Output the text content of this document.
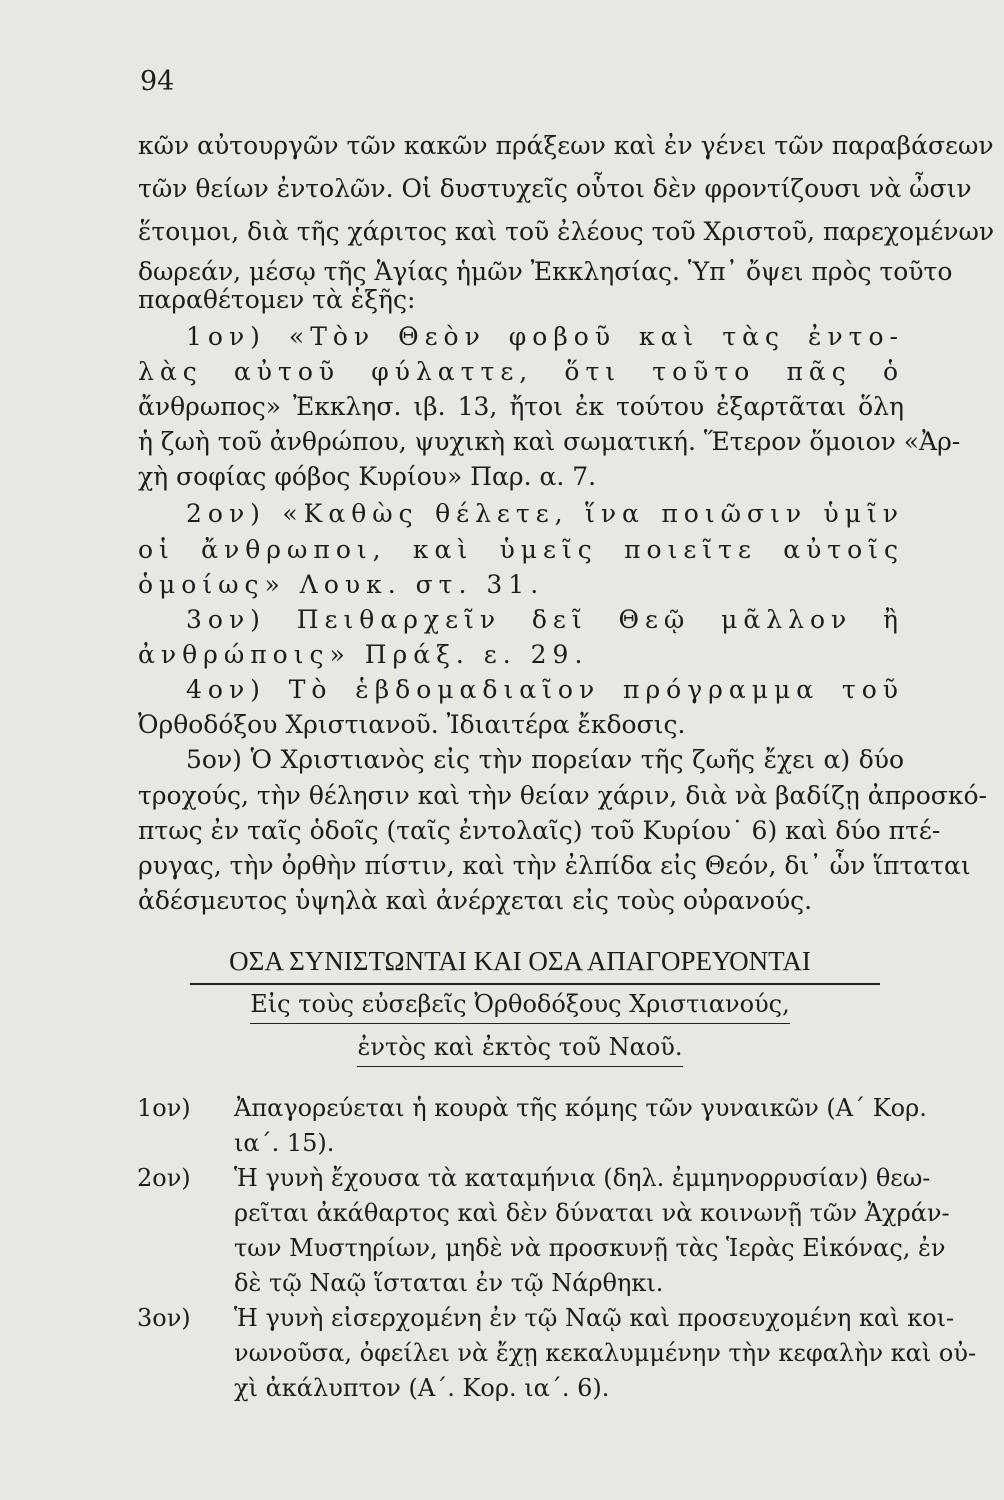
94
κῶν αὐτουργῶν τῶν κακῶν πράξεων καὶ ἐν γένει τῶν παραβάσεων
τῶν θείων ἐντολῶν. Οἱ δυστυχεῖς οὗτοι δὲν φροντίζουσι νὰ ὦσιν
ἕτοιμοι, διὰ τῆς χάριτος καὶ τοῦ ἐλέους τοῦ Χριστοῦ, παρεχομένων
δωρεάν, μέσῳ τῆς Ἁγίας ἡμῶν Ἐκκλησίας. Ὑπ᾽ ὄψει πρὸς τοῦτο
παραθέτομεν τὰ ἑξῆς:
1ον) «Τὸν Θεὸν φοβοῦ καὶ τὰς ἐντο-
λὰς αὐτοῦ φύλαττε, ὅτι τοῦτο πᾶς ὁ
ἄνθρωπος» Ἐκκλησ. ιβ. 13, ἤτοι ἐκ τούτου ἐξαρτᾶται ὅλη
ἡ ζωὴ τοῦ ἀνθρώπου, ψυχικὴ καὶ σωματική. Ἕτερον ὅμοιον «Ἀρ-
χὴ σοφίας φόβος Κυρίου» Παρ. α. 7.
2ον) «Καθὼς θέλετε, ἵνα ποιῶσιν ὑμῖν
οἱ ἄνθρωποι, καὶ ὑμεῖς ποιεῖτε αὐτοῖς
ὁμοίως» Λουκ. στ. 31.
3ον) Πειθαρχεῖν δεῖ Θεῷ μᾶλλον ἢ
ἀνθρώποις» Πράξ. ε. 29.
4ον) Τὸ ἑβδομαδιαῖον πρόγραμμα τοῦ
Ὀρθοδόξου Χριστιανοῦ. Ἰδιαιτέρα ἔκδοσις.
5ον) Ὁ Χριστιανὸς εἰς τὴν πορείαν τῆς ζωῆς ἔχει α) δύο
τροχούς, τὴν θέλησιν καὶ τὴν θείαν χάριν, διὰ νὰ βαδίζῃ ἀπροσκό-
πτως ἐν ταῖς ὁδοῖς (ταῖς ἐντολαῖς) τοῦ Κυρίου˙ 6) καὶ δύο πτέ-
ρυγας, τὴν ὀρθὴν πίστιν, καὶ τὴν ἐλπίδα εἰς Θεόν, δι᾽ ὧν ἵπταται
ἀδέσμευτος ὑψηλὰ καὶ ἀνέρχεται εἰς τοὺς οὐρανούς.
ΟΣΑ ΣΥΝΙΣΤΩΝΤΑΙ ΚΑΙ ΟΣΑ ΑΠΑΓΟΡΕΥΟΝΤΑΙ
Εἰς τοὺς εὐσεβεῖς Ὀρθοδόξους Χριστιανούς,
ἐντὸς καὶ ἐκτὸς τοῦ Ναοῦ.
1ον) Ἀπαγορεύεται ἡ κουρὰ τῆς κόμης τῶν γυναικῶν (Α΄ Κορ.
ια΄. 15).
2ον) Ἡ γυνὴ ἔχουσα τὰ καταμήνια (δηλ. ἐμμηνορρυσίαν) θεω-
ρεῖται ἀκάθαρτος καὶ δὲν δύναται νὰ κοινωνῇ τῶν Ἀχράν-
των Μυστηρίων, μηδὲ νὰ προσκυνῇ τὰς Ἱερὰς Εἰκόνας, ἐν
δὲ τῷ Ναῷ ἵσταται ἐν τῷ Νάρθηκι.
3ον) Ἡ γυνὴ εἰσερχομένη ἐν τῷ Ναῷ καὶ προσευχομένη καὶ κοι-
νωνοῦσα, ὀφείλει νὰ ἔχῃ κεκαλυμμένην τὴν κεφαλὴν καὶ οὐ-
χὶ ἀκάλυπτον (Α΄. Κορ. ια΄. 6).
